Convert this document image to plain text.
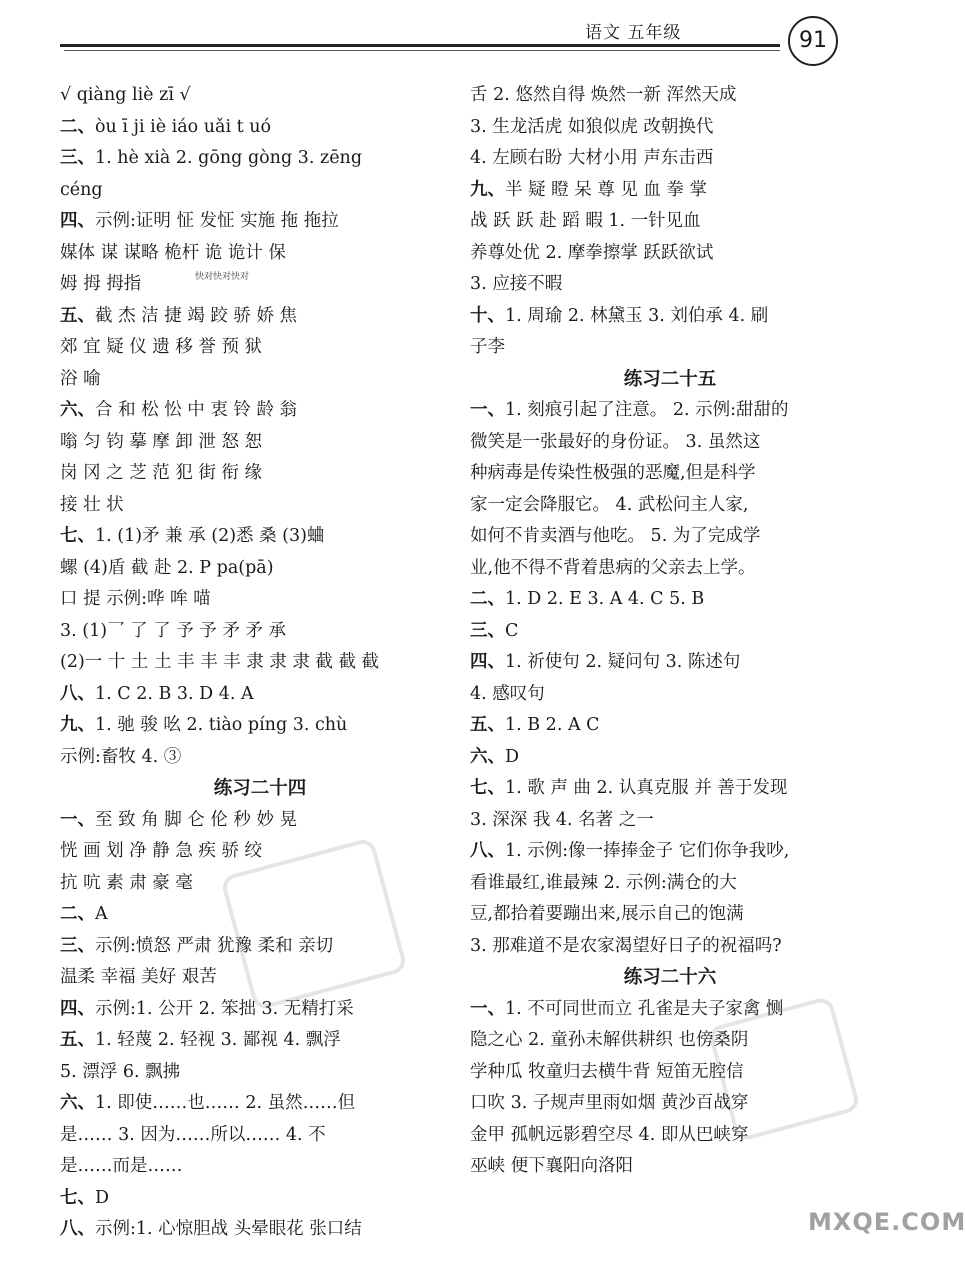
语文 五年级	91
√ qiàng liè zī √
二、òu ī ji iè iáo uǎi t uó
三、1. hè xià 2. gōng gòng 3. zēng
céng
四、示例:证明 怔 发怔 实施 拖 拖拉
媒体 谋 谋略 桅杆 诡 诡计 保
姆 拇 拇指
五、截 杰 洁 捷 竭 跤 骄 娇 焦
郊 宜 疑 仪 遗 移 誉 预 狱
浴 喻
六、合 和 松 忪 中 衷 铃 龄 翁
嗡 匀 钧 摹 摩 卸 泄 怒 恕
岗 冈 之 芝 范 犯 街 衔 缘
接 壮 状
七、1. (1)矛 兼 承 (2)悉 桑 (3)蛐
螺 (4)盾 截 赴 2. P pa(pā)
口 提 示例:哗 哞 喵
3. (1)乛 了 了 予 予 矛 矛 承
(2)一 十 土 土 丰 丰 丰 隶 隶 隶 截 截 截
八、1. C 2. B 3. D 4. A
九、1. 驰 骏 吆 2. tiào píng 3. chù
示例:畜牧 4. ③
练习二十四
一、至 致 角 脚 仑 伦 秒 妙 晃
恍 画 划 净 静 急 疾 骄 绞
抗 吭 素 肃 豪 毫
二、A
三、示例:愤怒 严肃 犹豫 柔和 亲切
温柔 幸福 美好 艰苦
四、示例:1. 公开 2. 笨拙 3. 无精打采
五、1. 轻蔑 2. 轻视 3. 鄙视 4. 飘浮
5. 漂浮 6. 飘拂
六、1. 即使……也…… 2. 虽然……但
是…… 3. 因为……所以…… 4. 不
是……而是……
七、D
八、示例:1. 心惊胆战 头晕眼花 张口结
舌 2. 悠然自得 焕然一新 浑然天成
3. 生龙活虎 如狼似虎 改朝换代
4. 左顾右盼 大材小用 声东击西
九、半 疑 瞪 呆 尊 见 血 拳 掌
战 跃 跃 赴 蹈 暇 1. 一针见血
养尊处优 2. 摩拳擦掌 跃跃欲试
3. 应接不暇
十、1. 周瑜 2. 林黛玉 3. 刘伯承 4. 刷
子李
练习二十五
一、1. 刻痕引起了注意。 2. 示例:甜甜的
微笑是一张最好的身份证。 3. 虽然这
种病毒是传染性极强的恶魔,但是科学
家一定会降服它。 4. 武松问主人家,
如何不肯卖酒与他吃。 5. 为了完成学
业,他不得不背着患病的父亲去上学。
二、1. D 2. E 3. A 4. C 5. B
三、C
四、1. 祈使句 2. 疑问句 3. 陈述句
4. 感叹句
五、1. B 2. A C
六、D
七、1. 歌 声 曲 2. 认真克服 并 善于发现
3. 深深 我 4. 名著 之一
八、1. 示例:像一捧捧金子 它们你争我吵,
看谁最红,谁最辣 2. 示例:满仓的大
豆,都拾着要蹦出来,展示自己的饱满
3. 那难道不是农家渴望好日子的祝福吗?
练习二十六
一、1. 不可同世而立 孔雀是夫子家禽 恻
隐之心 2. 童孙未解供耕织 也傍桑阴
学种瓜 牧童归去横牛背 短笛无腔信
口吹 3. 子规声里雨如烟 黄沙百战穿
金甲 孤帆远影碧空尽 4. 即从巴峡穿
巫峡 便下襄阳向洛阳
快对快对快对
MXQE.COM
